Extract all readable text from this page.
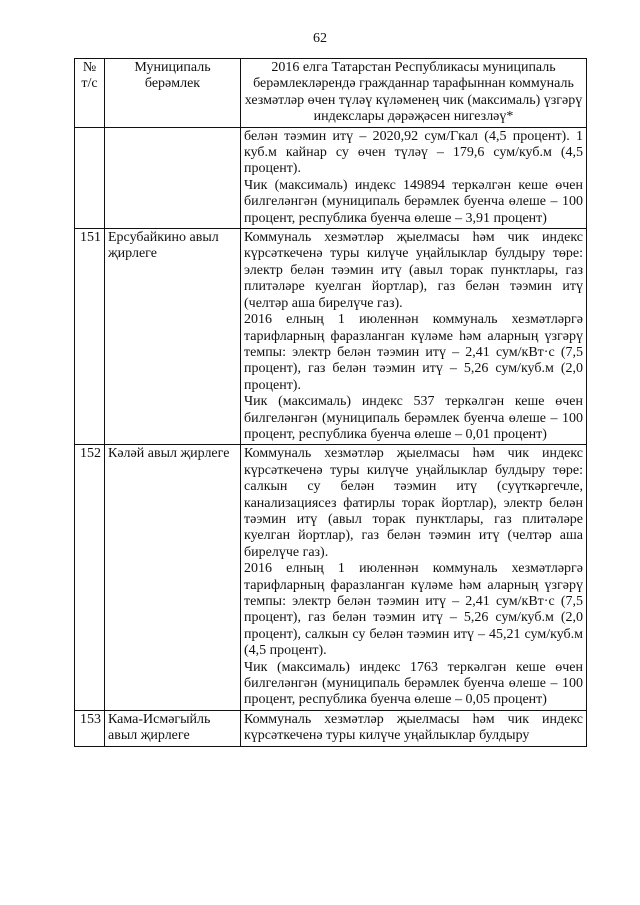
62
№ т/с	Муниципаль берәмлек	2016 елга Татарстан Республикасы муниципаль берәмлекләрендә гражданнар тарафыннан коммуналь хезмәтләр өчен түләү күләменең чик (максималь) үзгәрү индекслары дәрәҗәсен нигезләү*

		белән тәэмин итү – 2020,92 сум/Гкал (4,5 процент). 1 куб.м кайнар су өчен түләү – 179,6 сум/куб.м (4,5 процент).
Чик (максималь) индекс 149894 теркәлгән кеше өчен билгеләнгән (муниципаль берәмлек буенча өлеше – 100 процент, республика буенча өлеше – 3,91 процент)

151	Ерсубайкино авыл җирлеге	Коммуналь хезмәтләр җыелмасы һәм чик индекс күрсәткеченә туры килүче уңайлыклар булдыру төре: электр белән тәэмин итү (авыл торак пунктлары, газ плитәләре куелган йортлар), газ белән тәэмин итү (челтәр аша бирелүче газ).
2016 елның 1 июленнән коммуналь хезмәтләргә тарифларның фаразланган күләме һәм аларның үзгәрү темпы: электр белән тәэмин итү – 2,41 сум/кВт·с (7,5 процент), газ белән тәэмин итү – 5,26 сум/куб.м (2,0 процент).
Чик (максималь) индекс 537 теркәлгән кеше өчен билгеләнгән (муниципаль берәмлек буенча өлеше – 100 процент, республика буенча өлеше – 0,01 процент)

152	Кәләй авыл җирлеге	Коммуналь хезмәтләр җыелмасы һәм чик индекс күрсәткеченә туры килүче уңайлыклар булдыру төре: салкын су белән тәэмин итү (суүткәргечле, канализациясез фатирлы торак йортлар), электр белән тәэмин итү (авыл торак пунктлары, газ плитәләре куелган йортлар), газ белән тәэмин итү (челтәр аша бирелүче газ).
2016 елның 1 июленнән коммуналь хезмәтләргә тарифларның фаразланган күләме һәм аларның үзгәрү темпы: электр белән тәэмин итү – 2,41 сум/кВт·с (7,5 процент), газ белән тәэмин итү – 5,26 сум/куб.м (2,0 процент), салкын су белән тәэмин итү – 45,21 сум/куб.м (4,5 процент).
Чик (максималь) индекс 1763 теркәлгән кеше өчен билгеләнгән (муниципаль берәмлек буенча өлеше – 100 процент, республика буенча өлеше – 0,05 процент)

153	Кама-Исмәгыйль авыл җирлеге	Коммуналь хезмәтләр җыелмасы һәм чик индекс күрсәткеченә туры килүче уңайлыклар булдыру
